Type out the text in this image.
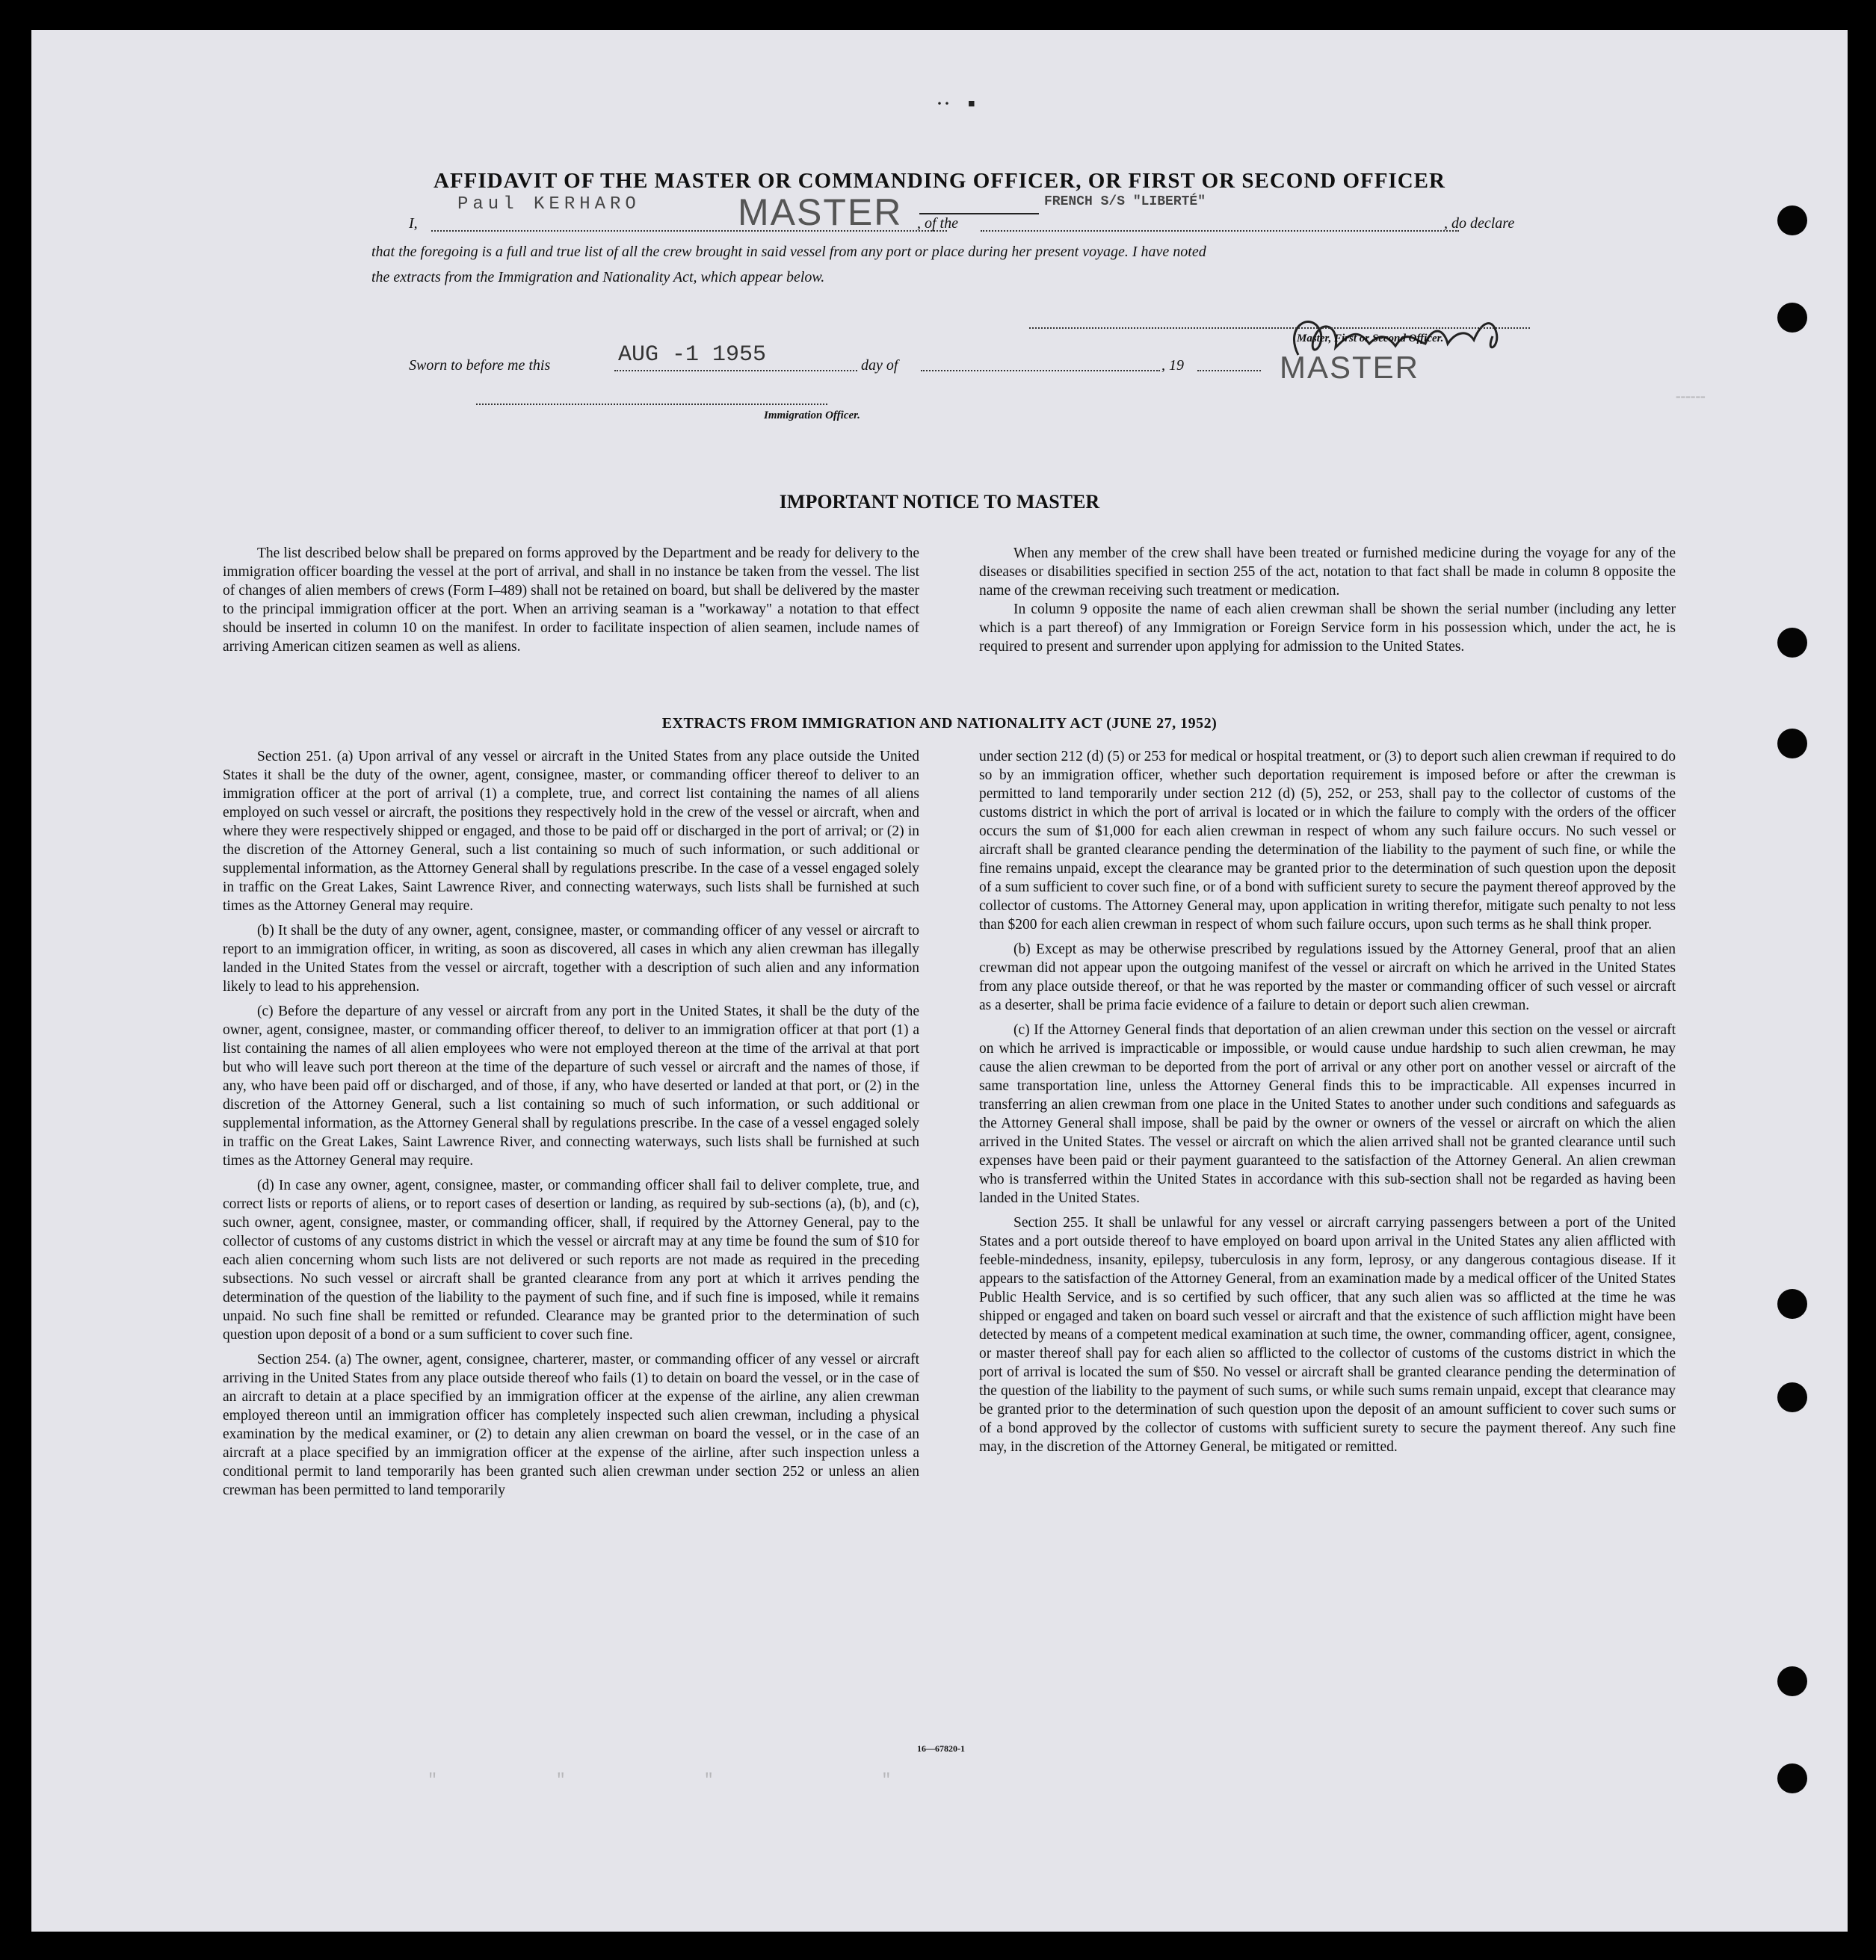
··   ▪
AFFIDAVIT OF THE MASTER OR COMMANDING OFFICER, OR FIRST OR SECOND OFFICER
I,
Paul KERHARO	MASTER , of the
FRENCH S/S "LIBERTÉ"
, do declare
that the foregoing is a full and true list of all the crew brought in said vessel from any port or place during her present voyage. I have noted
the extracts from the Immigration and Nationality Act, which appear below.
Master, First or Second Officer.
MASTER
Sworn to before me this	AUG -1 1955	day of	, 19
Immigration Officer.
IMPORTANT NOTICE TO MASTER

The list described below shall be prepared on forms approved by the Department and be ready for delivery to the immigration officer boarding the vessel at the port of arrival, and shall in no instance be taken from the vessel. The list of changes of alien members of crews (Form I–489) shall not be retained on board, but shall be delivered by the master to the principal immigration officer at the port. When an arriving seaman is a "workaway" a notation to that effect should be inserted in column 10 on the manifest. In order to facilitate inspection of alien seamen, include names of arriving American citizen seamen as well as aliens.

When any member of the crew shall have been treated or furnished medicine during the voyage for any of the diseases or disabilities specified in section 255 of the act, notation to that fact shall be made in column 8 opposite the name of the crewman receiving such treatment or medication.

In column 9 opposite the name of each alien crewman shall be shown the serial number (including any letter which is a part thereof) of any Immigration or Foreign Service form in his possession which, under the act, he is required to present and surrender upon applying for admission to the United States.

EXTRACTS FROM IMMIGRATION AND NATIONALITY ACT (JUNE 27, 1952)

Section 251. (a) Upon arrival of any vessel or aircraft in the United States from any place outside the United States it shall be the duty of the owner, agent, consignee, master, or commanding officer thereof to deliver to an immigration officer at the port of arrival (1) a complete, true, and correct list containing the names of all aliens employed on such vessel or aircraft, the positions they respectively hold in the crew of the vessel or aircraft, when and where they were respectively shipped or engaged, and those to be paid off or discharged in the port of arrival; or (2) in the discretion of the Attorney General, such a list containing so much of such information, or such additional or supplemental information, as the Attorney General shall by regulations prescribe. In the case of a vessel engaged solely in traffic on the Great Lakes, Saint Lawrence River, and connecting waterways, such lists shall be furnished at such times as the Attorney General may require.

(b) It shall be the duty of any owner, agent, consignee, master, or commanding officer of any vessel or aircraft to report to an immigration officer, in writing, as soon as discovered, all cases in which any alien crewman has illegally landed in the United States from the vessel or aircraft, together with a description of such alien and any information likely to lead to his apprehension.

(c) Before the departure of any vessel or aircraft from any port in the United States, it shall be the duty of the owner, agent, consignee, master, or commanding officer thereof, to deliver to an immigration officer at that port (1) a list containing the names of all alien employees who were not employed thereon at the time of the arrival at that port but who will leave such port thereon at the time of the departure of such vessel or aircraft and the names of those, if any, who have been paid off or discharged, and of those, if any, who have deserted or landed at that port, or (2) in the discretion of the Attorney General, such a list containing so much of such information, or such additional or supplemental information, as the Attorney General shall by regulations prescribe. In the case of a vessel engaged solely in traffic on the Great Lakes, Saint Lawrence River, and connecting waterways, such lists shall be furnished at such times as the Attorney General may require.

(d) In case any owner, agent, consignee, master, or commanding officer shall fail to deliver complete, true, and correct lists or reports of aliens, or to report cases of desertion or landing, as required by sub-sections (a), (b), and (c), such owner, agent, consignee, master, or commanding officer, shall, if required by the Attorney General, pay to the collector of customs of any customs district in which the vessel or aircraft may at any time be found the sum of $10 for each alien concerning whom such lists are not delivered or such reports are not made as required in the preceding subsections. No such vessel or aircraft shall be granted clearance from any port at which it arrives pending the determination of the question of the liability to the payment of such fine, and if such fine is imposed, while it remains unpaid. No such fine shall be remitted or refunded. Clearance may be granted prior to the determination of such question upon deposit of a bond or a sum sufficient to cover such fine.

Section 254. (a) The owner, agent, consignee, charterer, master, or commanding officer of any vessel or aircraft arriving in the United States from any place outside thereof who fails (1) to detain on board the vessel, or in the case of an aircraft to detain at a place specified by an immigration officer at the expense of the airline, any alien crewman employed thereon until an immigration officer has completely inspected such alien crewman, including a physical examination by the medical examiner, or (2) to detain any alien crewman on board the vessel, or in the case of an aircraft at a place specified by an immigration officer at the expense of the airline, after such inspection unless a conditional permit to land temporarily has been granted such alien crewman under section 252 or unless an alien crewman has been permitted to land temporarily

under section 212 (d) (5) or 253 for medical or hospital treatment, or (3) to deport such alien crewman if required to do so by an immigration officer, whether such deportation requirement is imposed before or after the crewman is permitted to land temporarily under section 212 (d) (5), 252, or 253, shall pay to the collector of customs of the customs district in which the port of arrival is located or in which the failure to comply with the orders of the officer occurs the sum of $1,000 for each alien crewman in respect of whom any such failure occurs. No such vessel or aircraft shall be granted clearance pending the determination of the liability to the payment of such fine, or while the fine remains unpaid, except the clearance may be granted prior to the determination of such question upon the deposit of a sum sufficient to cover such fine, or of a bond with sufficient surety to secure the payment thereof approved by the collector of customs. The Attorney General may, upon application in writing therefor, mitigate such penalty to not less than $200 for each alien crewman in respect of whom such failure occurs, upon such terms as he shall think proper.

(b) Except as may be otherwise prescribed by regulations issued by the Attorney General, proof that an alien crewman did not appear upon the outgoing manifest of the vessel or aircraft on which he arrived in the United States from any place outside thereof, or that he was reported by the master or commanding officer of such vessel or aircraft as a deserter, shall be prima facie evidence of a failure to detain or deport such alien crewman.

(c) If the Attorney General finds that deportation of an alien crewman under this section on the vessel or aircraft on which he arrived is impracticable or impossible, or would cause undue hardship to such alien crewman, he may cause the alien crewman to be deported from the port of arrival or any other port on another vessel or aircraft of the same transportation line, unless the Attorney General finds this to be impracticable. All expenses incurred in transferring an alien crewman from one place in the United States to another under such conditions and safeguards as the Attorney General shall impose, shall be paid by the owner or owners of the vessel or aircraft on which the alien arrived in the United States. The vessel or aircraft on which the alien arrived shall not be granted clearance until such expenses have been paid or their payment guaranteed to the satisfaction of the Attorney General. An alien crewman who is transferred within the United States in accordance with this sub-section shall not be regarded as having been landed in the United States.

Section 255. It shall be unlawful for any vessel or aircraft carrying passengers between a port of the United States and a port outside thereof to have employed on board upon arrival in the United States any alien afflicted with feeble-mindedness, insanity, epilepsy, tuberculosis in any form, leprosy, or any dangerous contagious disease. If it appears to the satisfaction of the Attorney General, from an examination made by a medical officer of the United States Public Health Service, and is so certified by such officer, that any such alien was so afflicted at the time he was shipped or engaged and taken on board such vessel or aircraft and that the existence of such affliction might have been detected by means of a competent medical examination at such time, the owner, commanding officer, agent, consignee, or master thereof shall pay for each alien so afflicted to the collector of customs of the customs district in which the port of arrival is located the sum of $50. No vessel or aircraft shall be granted clearance pending the determination of the question of the liability to the payment of such sums, or while such sums remain unpaid, except that clearance may be granted prior to the determination of such question upon the deposit of an amount sufficient to cover such sums or of a bond approved by the collector of customs with sufficient surety to secure the payment thereof. Any such fine may, in the discretion of the Attorney General, be mitigated or remitted.

16—67820-1
╌╌╌
"            "              "                 "
